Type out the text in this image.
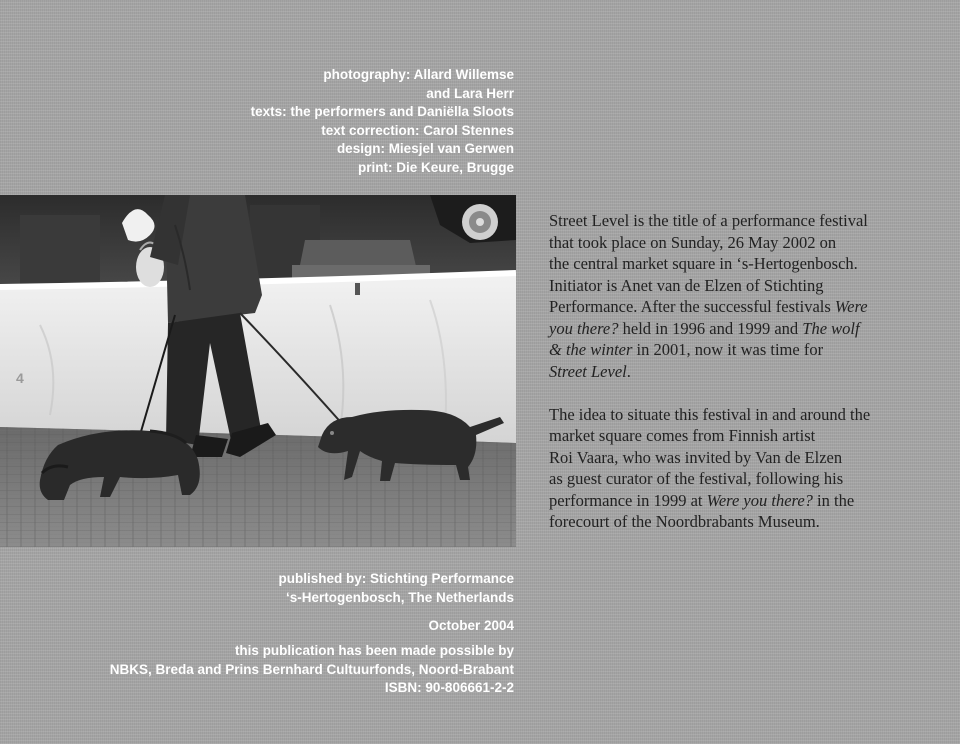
photography: Allard Willemse
and Lara Herr
texts: the performers and Daniëlla Sloots
text correction: Carol Stennes
design: Miesjel van Gerwen
print: Die Keure, Brugge
4
Street Level is the title of a performance festival
that took place on Sunday, 26 May 2002 on
the central market square in ‘s-Hertogenbosch.
Initiator is Anet van de Elzen of Stichting
Performance. After the successful festivals Were
you there? held in 1996 and 1999 and The wolf
& the winter in 2001, now it was time for
Street Level.
The idea to situate this festival in and around the
market square comes from Finnish artist
Roi Vaara, who was invited by Van de Elzen
as guest curator of the festival, following his
performance in 1999 at Were you there? in the
forecourt of the Noordbrabants Museum.
published by: Stichting Performance
‘s-Hertogenbosch, The Netherlands
October 2004
this publication has been made possible by
NBKS, Breda and Prins Bernhard Cultuurfonds, Noord-Brabant
ISBN: 90-806661-2-2
